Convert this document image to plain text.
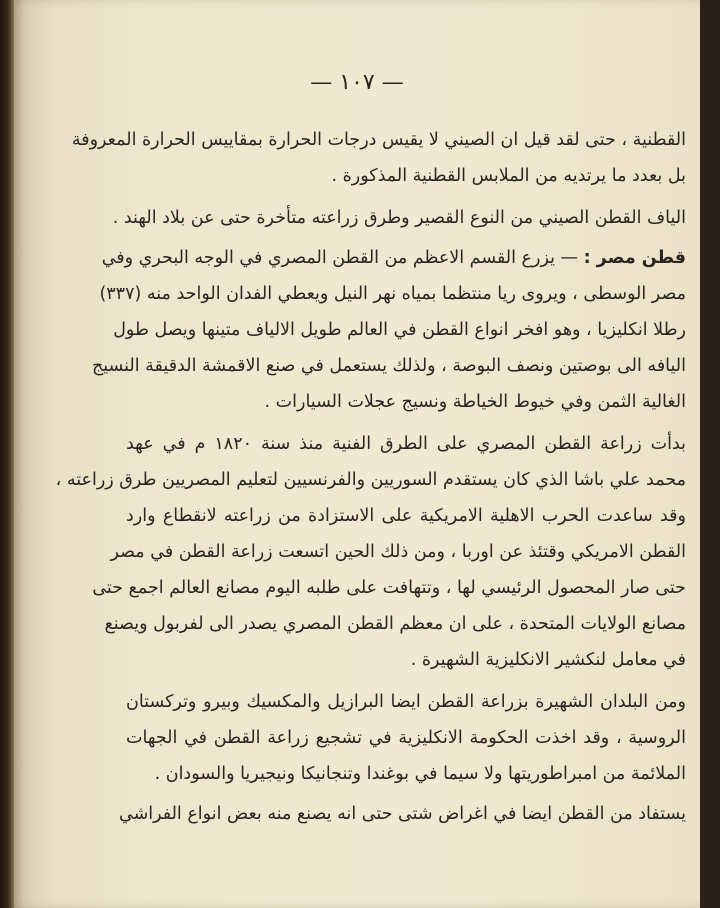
— ١٠٧ —
القطنية ، حتى لقد قيل ان الصيني لا يقيس درجات الحرارة بمقاييس الحرارة المعروفة
بل بعدد ما يرتديه من الملابس القطنية المذكورة .
الياف القطن الصيني من النوع القصير وطرق زراعته متأخرة حتى عن بلاد الهند .
قطن مصر : — يزرع القسم الاعظم من القطن المصري في الوجه البحري وفي
مصر الوسطى ، ويروى ريا منتظما بمياه نهر النيل ويعطي الفدان الواحد منه (٣٣٧)
رطلا انكليزيا ، وهو افخر انواع القطن في العالم طويل الالياف متينها ويصل طول
اليافه الى بوصتين ونصف البوصة ، ولذلك يستعمل في صنع الاقمشة الدقيقة النسيج
الغالية الثمن وفي خيوط الخياطة ونسيج عجلات السيارات .
بدأت زراعة القطن المصري على الطرق الفنية منذ سنة ١٨٢٠ م في عهد
محمد علي باشا الذي كان يستقدم السوريين والفرنسيين لتعليم المصريين طرق زراعته ،
وقد ساعدت الحرب الاهلية الامريكية على الاستزادة من زراعته لانقطاع وارد
القطن الامريكي وقتئذ عن اوربا ، ومن ذلك الحين اتسعت زراعة القطن في مصر
حتى صار المحصول الرئيسي لها ، وتتهافت على طلبه اليوم مصانع العالم اجمع حتى
مصانع الولايات المتحدة ، على ان معظم القطن المصري يصدر الى لفربول ويصنع
في معامل لنكشير الانكليزية الشهيرة .
ومن البلدان الشهيرة بزراعة القطن ايضا البرازيل والمكسيك وبيرو وتركستان
الروسية ، وقد اخذت الحكومة الانكليزية في تشجيع زراعة القطن في الجهات
الملائمة من امبراطوريتها ولا سيما في بوغندا وتنجانيكا ونيجيريا والسودان .
يستفاد من القطن ايضا في اغراض شتى حتى انه يصنع منه بعض انواع الفراشي
